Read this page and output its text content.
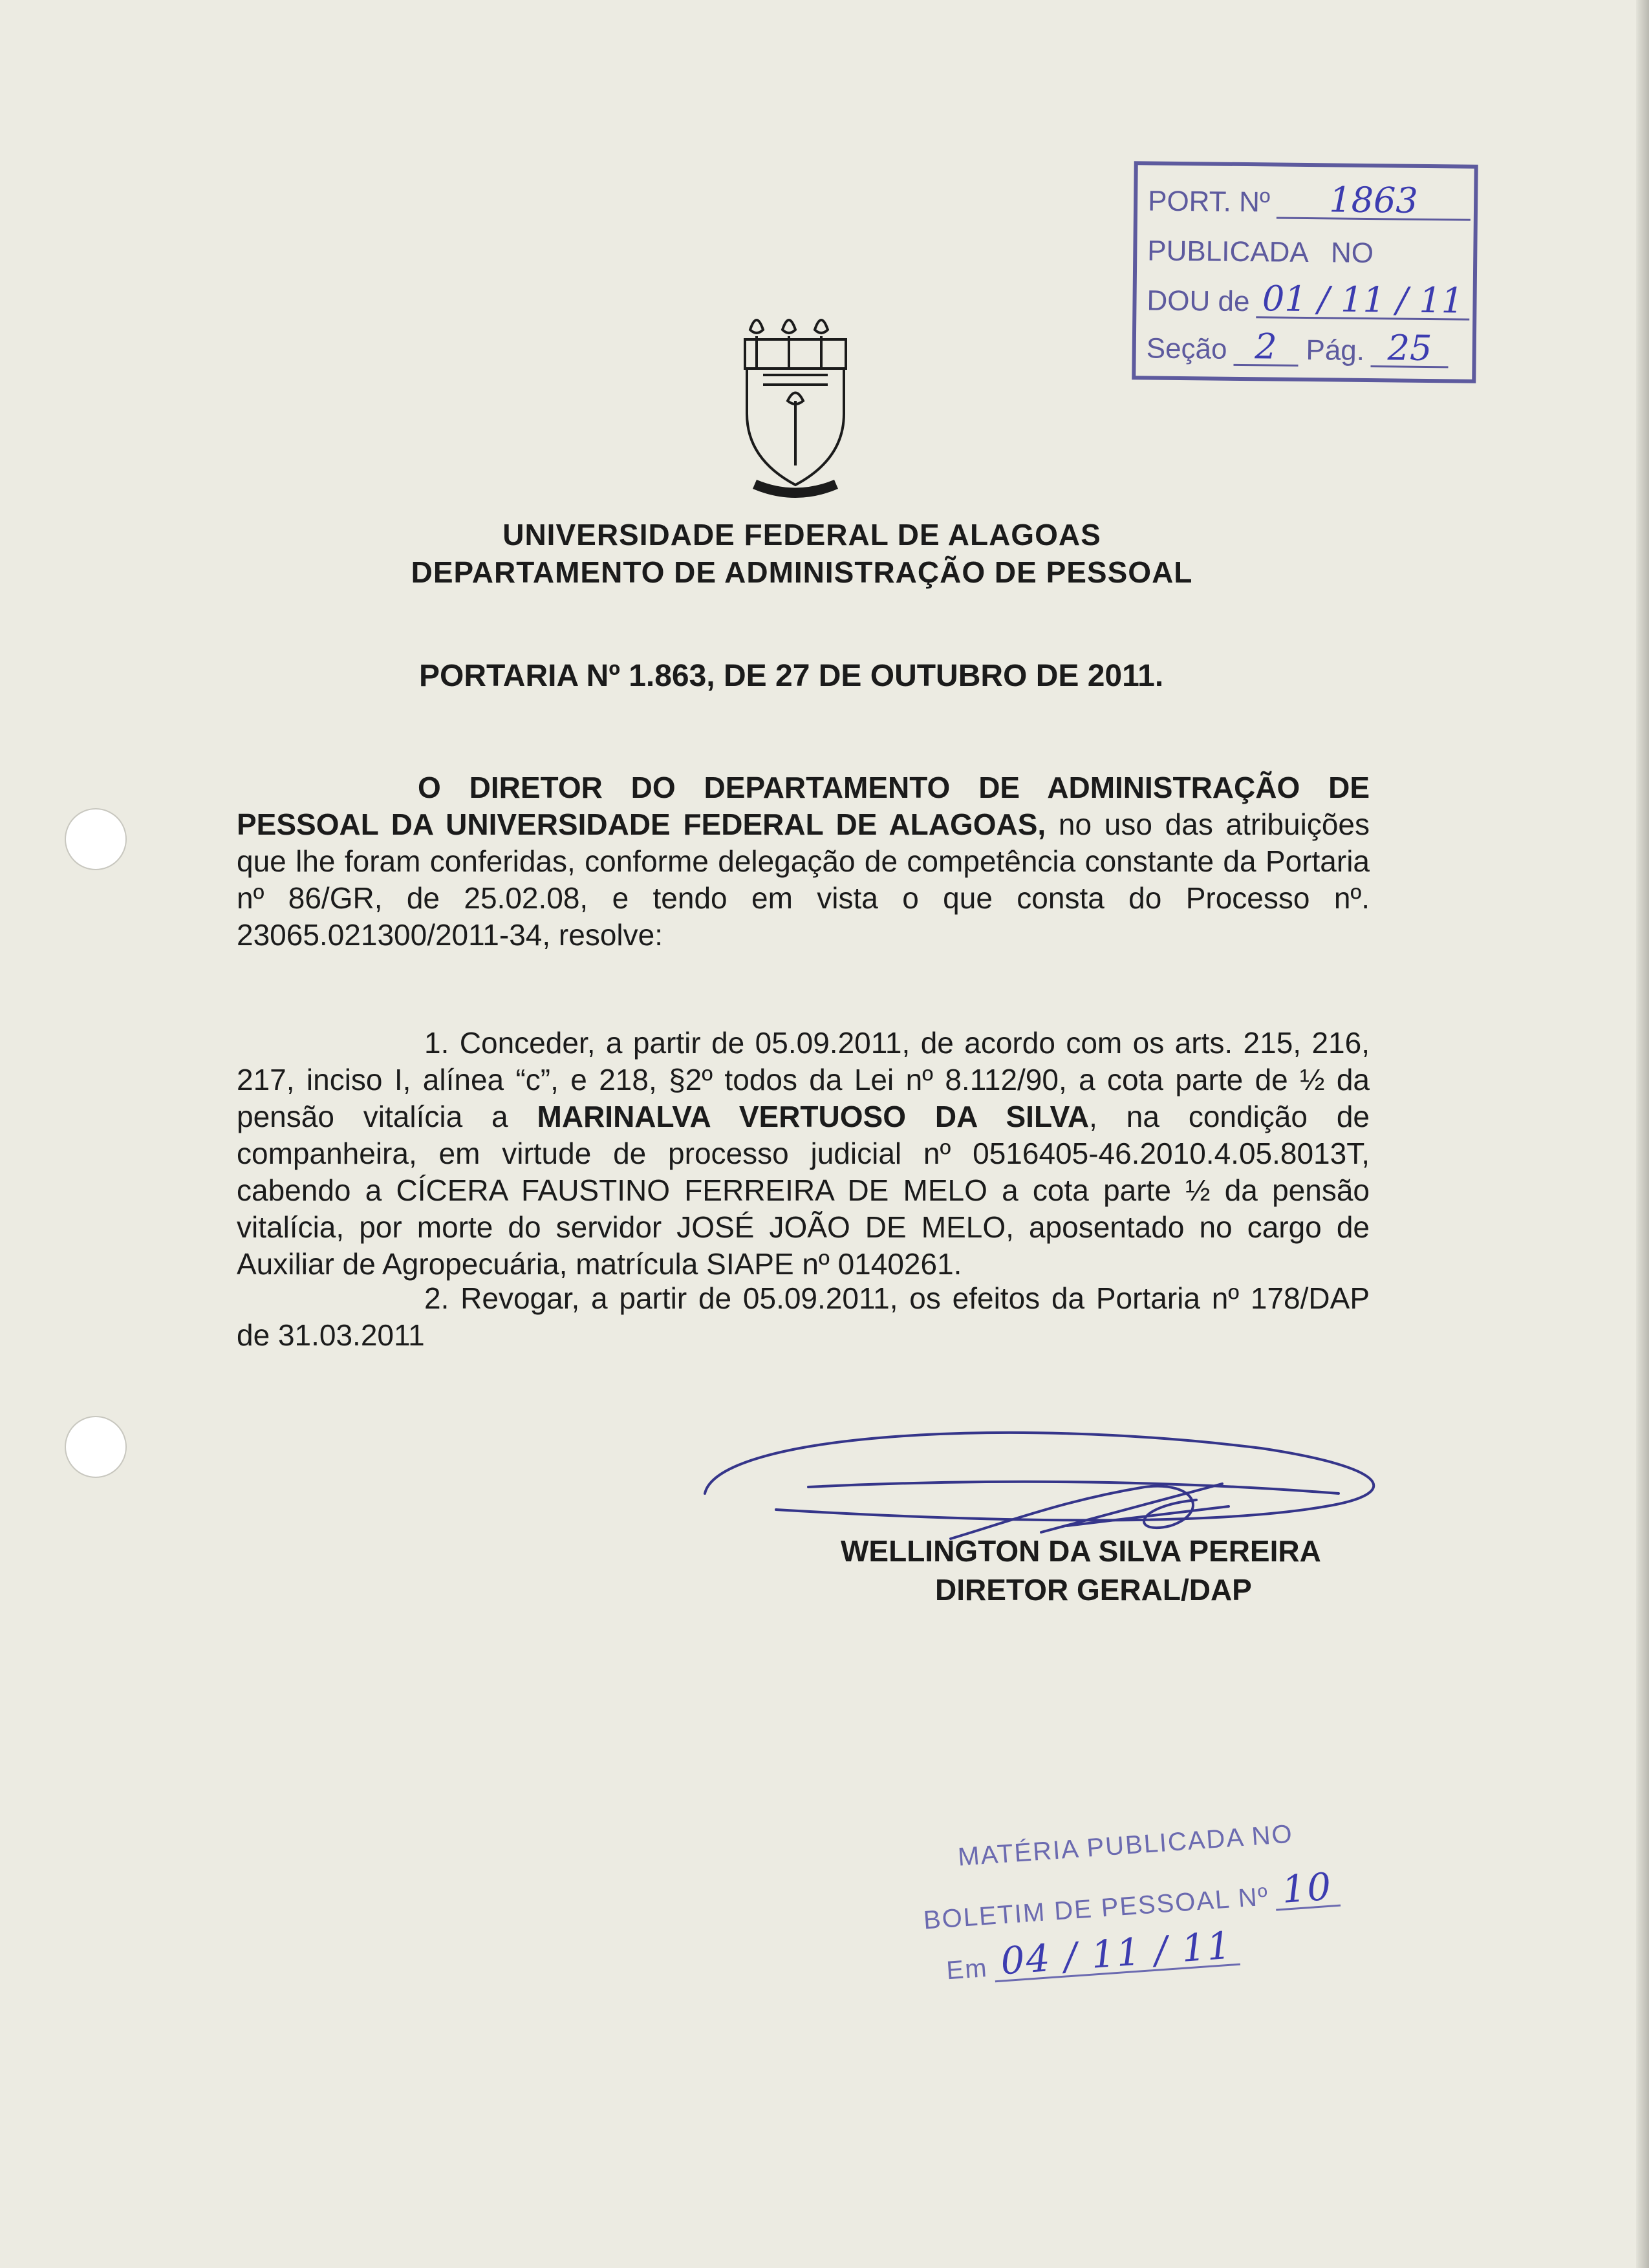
PORT. Nº	1863
PUBLICADA   NO
DOU de 01 / 11 / 11
Seção 2	Pág. 25
UNIVERSIDADE FEDERAL DE ALAGOAS
DEPARTAMENTO DE ADMINISTRAÇÃO DE PESSOAL
PORTARIA Nº 1.863, DE 27 DE OUTUBRO DE 2011.
O DIRETOR DO DEPARTAMENTO DE ADMINISTRAÇÃO DE PESSOAL DA UNIVERSIDADE FEDERAL DE ALAGOAS, no uso das atribuições que lhe foram conferidas, conforme delegação de competência constante da Portaria nº 86/GR, de 25.02.08, e tendo em vista o que consta do Processo nº. 23065.021300/2011-34, resolve:
1. Conceder, a partir de 05.09.2011, de acordo com os arts. 215, 216, 217, inciso I, alínea “c”, e 218, §2º todos da Lei nº 8.112/90, a cota parte de ½ da pensão vitalícia a MARINALVA VERTUOSO DA SILVA, na condição de companheira, em virtude de processo judicial nº 0516405-46.2010.4.05.8013T, cabendo a CÍCERA FAUSTINO FERREIRA DE MELO a cota parte ½ da pensão vitalícia, por morte do servidor JOSÉ JOÃO DE MELO, aposentado no cargo de Auxiliar de Agropecuária, matrícula SIAPE nº 0140261.
2. Revogar, a partir de 05.09.2011, os efeitos da Portaria nº 178/DAP de 31.03.2011
WELLINGTON DA SILVA PEREIRA
DIRETOR GERAL/DAP
MATÉRIA PUBLICADA NO
BOLETIM DE PESSOAL Nº 10
Em 04 / 11 / 11
